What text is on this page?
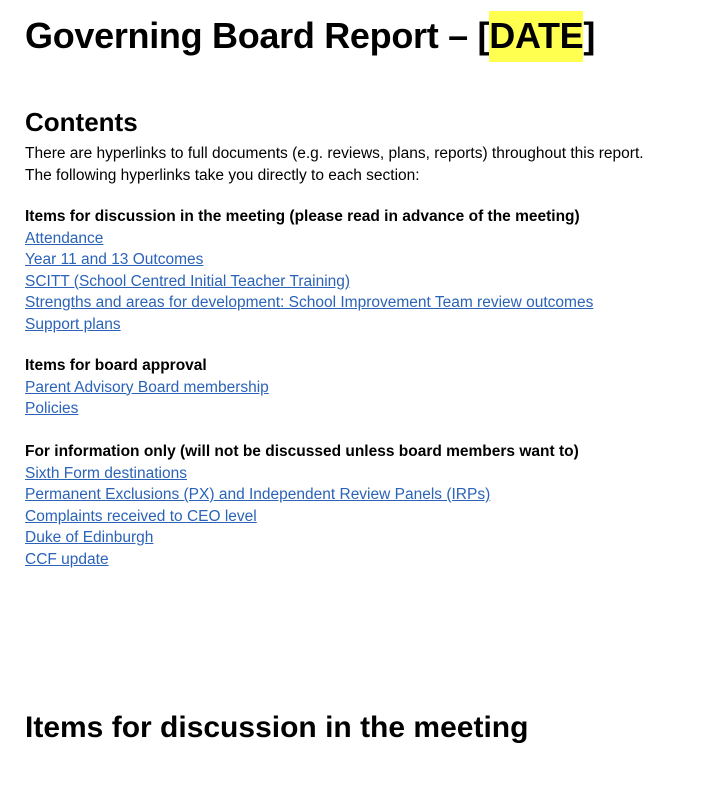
Governing Board Report – [DATE]
Contents

There are hyperlinks to full documents (e.g. reviews, plans, reports) throughout this report.
The following hyperlinks take you directly to each section:

Items for discussion in the meeting (please read in advance of the meeting)
Attendance
Year 11 and 13 Outcomes
SCITT (School Centred Initial Teacher Training)
Strengths and areas for development: School Improvement Team review outcomes
Support plans
Items for board approval
Parent Advisory Board membership
Policies
For information only (will not be discussed unless board members want to)
Sixth Form destinations
Permanent Exclusions (PX) and Independent Review Panels (IRPs)
Complaints received to CEO level
Duke of Edinburgh
CCF update
Items for discussion in the meeting
